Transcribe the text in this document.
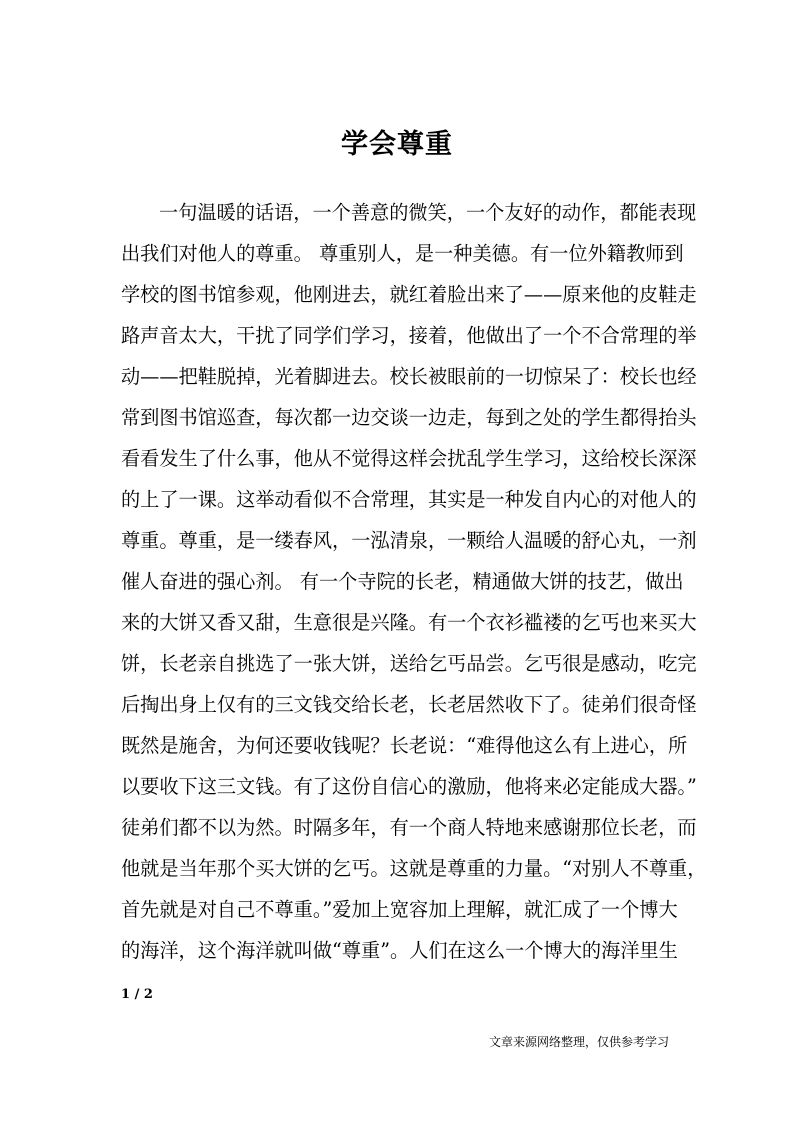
学会尊重
一句温暖的话语，一个善意的微笑，一个友好的动作，都能表现
出我们对他人的尊重。 尊重别人，是一种美德。有一位外籍教师到
学校的图书馆参观，他刚进去，就红着脸出来了——原来他的皮鞋走
路声音太大，干扰了同学们学习，接着，他做出了一个不合常理的举
动——把鞋脱掉，光着脚进去。校长被眼前的一切惊呆了：校长也经
常到图书馆巡查，每次都一边交谈一边走，每到之处的学生都得抬头
看看发生了什么事，他从不觉得这样会扰乱学生学习，这给校长深深
的上了一课。这举动看似不合常理，其实是一种发自内心的对他人的
尊重。尊重，是一缕春风，一泓清泉，一颗给人温暖的舒心丸，一剂
催人奋进的强心剂。 有一个寺院的长老，精通做大饼的技艺，做出
来的大饼又香又甜，生意很是兴隆。有一个衣衫褴褛的乞丐也来买大
饼，长老亲自挑选了一张大饼，送给乞丐品尝。乞丐很是感动，吃完
后掏出身上仅有的三文钱交给长老，长老居然收下了。徒弟们很奇怪
既然是施舍，为何还要收钱呢？长老说：“难得他这么有上进心，所
以要收下这三文钱。有了这份自信心的激励，他将来必定能成大器。”
徒弟们都不以为然。时隔多年，有一个商人特地来感谢那位长老，而
他就是当年那个买大饼的乞丐。这就是尊重的力量。“对别人不尊重，
首先就是对自己不尊重。”爱加上宽容加上理解，就汇成了一个博大
的海洋，这个海洋就叫做“尊重”。人们在这么一个博大的海洋里生
1 / 2
文章来源网络整理，仅供参考学习
